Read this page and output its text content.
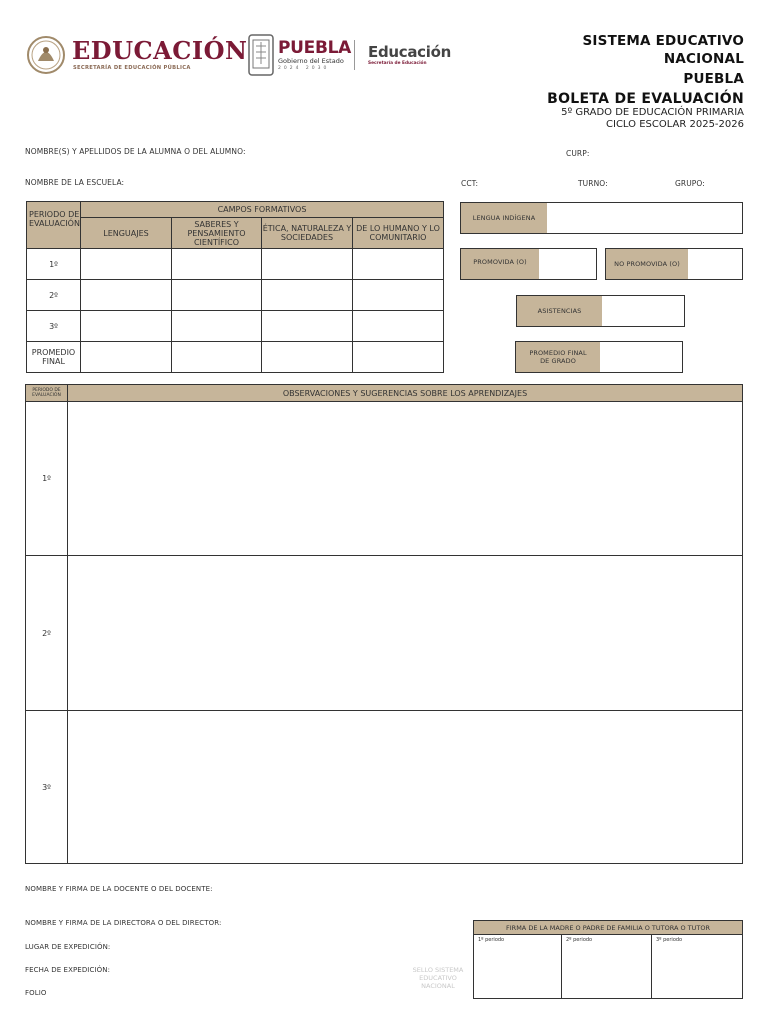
EDUCACIÓN
SECRETARÍA DE EDUCACIÓN PÚBLICA
PUEBLA
Gobierno del Estado
2024 2030
Educación
Secretaría de Educación
SISTEMA EDUCATIVO
NACIONAL
PUEBLA
BOLETA DE EVALUACIÓN
5º GRADO DE EDUCACIÓN PRIMARIA
CICLO ESCOLAR 2025-2026
NOMBRE(S) Y APELLIDOS DE LA ALUMNA O DEL ALUMNO:	CURP:
NOMBRE DE LA ESCUELA:	CCT:	TURNO:	GRUPO:
PERIODO DE EVALUACIÓN	CAMPOS FORMATIVOS			
	LENGUAJES	SABERES Y PENSAMIENTO CIENTÍFICO	ÉTICA, NATURALEZA Y SOCIEDADES	DE LO HUMANO Y LO COMUNITARIO
1º				
2º				
3º				
PROMEDIO FINAL				
LENGUA INDÍGENA
PROMOVIDA (O)	NO PROMOVIDA (O)
ASISTENCIAS
PROMEDIO FINAL DE GRADO
PERIODO DE EVALUACIÓN	OBSERVACIONES Y SUGERENCIAS SOBRE LOS APRENDIZAJES
1º	
2º	
3º	
NOMBRE Y FIRMA DE LA DOCENTE O DEL DOCENTE:
NOMBRE Y FIRMA DE LA DIRECTORA O DEL DIRECTOR:
LUGAR DE EXPEDICIÓN:
FECHA DE EXPEDICIÓN:
FOLIO
SELLO SISTEMA EDUCATIVO NACIONAL
FIRMA DE LA MADRE O PADRE DE FAMILIA O TUTORA O TUTOR
1º periodo	2º periodo	3º periodo
